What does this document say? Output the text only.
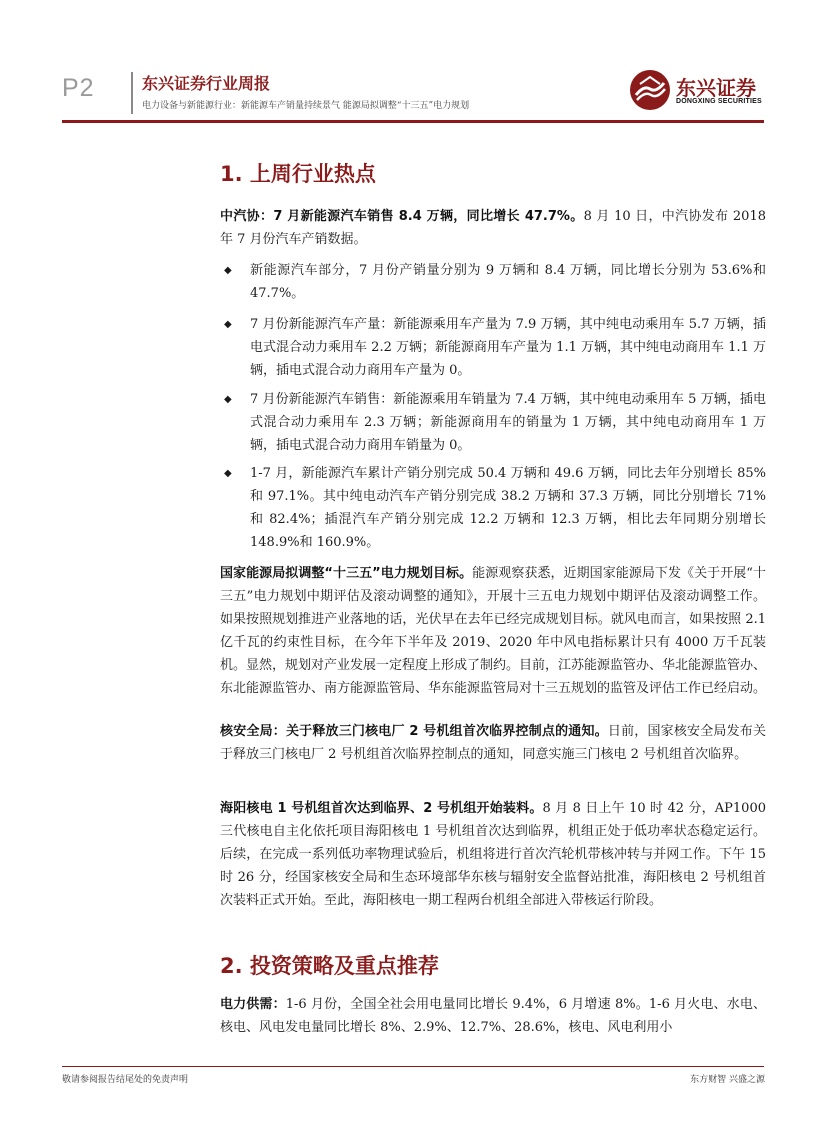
P2	东兴证券行业周报
电力设备与新能源行业：新能源车产销量持续景气 能源局拟调整“十三五”电力规划
东兴证券
DONGXING SECURITIES
1. 上周行业热点

中汽协：7 月新能源汽车销售 8.4 万辆，同比增长 47.7%。8 月 10 日，中汽协发布 2018 年 7 月份汽车产销数据。

◆ 新能源汽车部分，7 月份产销量分别为 9 万辆和 8.4 万辆，同比增长分别为 53.6%和 47.7%。
◆ 7 月份新能源汽车产量：新能源乘用车产量为 7.9 万辆，其中纯电动乘用车 5.7 万辆，插电式混合动力乘用车 2.2 万辆；新能源商用车产量为 1.1 万辆，其中纯电动商用车 1.1 万辆，插电式混合动力商用车产量为 0。
◆ 7 月份新能源汽车销售：新能源乘用车销量为 7.4 万辆，其中纯电动乘用车 5 万辆，插电式混合动力乘用车 2.3 万辆；新能源商用车的销量为 1 万辆，其中纯电动商用车 1 万辆，插电式混合动力商用车销量为 0。
◆ 1-7 月，新能源汽车累计产销分别完成 50.4 万辆和 49.6 万辆，同比去年分别增长 85%和 97.1%。其中纯电动汽车产销分别完成 38.2 万辆和 37.3 万辆，同比分别增长 71%和 82.4%；插混汽车产销分别完成 12.2 万辆和 12.3 万辆，相比去年同期分别增长 148.9%和 160.9%。

国家能源局拟调整“十三五”电力规划目标。能源观察获悉，近期国家能源局下发《关于开展“十三五”电力规划中期评估及滚动调整的通知》，开展十三五电力规划中期评估及滚动调整工作。如果按照规划推进产业落地的话，光伏早在去年已经完成规划目标。就风电而言，如果按照 2.1 亿千瓦的约束性目标，在今年下半年及 2019、2020 年中风电指标累计只有 4000 万千瓦装机。显然，规划对产业发展一定程度上形成了制约。目前，江苏能源监管办、华北能源监管办、东北能源监管办、南方能源监管局、华东能源监管局对十三五规划的监管及评估工作已经启动。

核安全局：关于释放三门核电厂 2 号机组首次临界控制点的通知。日前，国家核安全局发布关于释放三门核电厂 2 号机组首次临界控制点的通知，同意实施三门核电 2 号机组首次临界。

海阳核电 1 号机组首次达到临界、2 号机组开始装料。8 月 8 日上午 10 时 42 分，AP1000 三代核电自主化依托项目海阳核电 1 号机组首次达到临界，机组正处于低功率状态稳定运行。后续，在完成一系列低功率物理试验后，机组将进行首次汽轮机带核冲转与并网工作。下午 15 时 26 分，经国家核安全局和生态环境部华东核与辐射安全监督站批准，海阳核电 2 号机组首次装料正式开始。至此，海阳核电一期工程两台机组全部进入带核运行阶段。

2. 投资策略及重点推荐

电力供需：1-6 月份，全国全社会用电量同比增长 9.4%，6 月增速 8%。1-6 月火电、水电、核电、风电发电量同比增长 8%、2.9%、12.7%、28.6%，核电、风电利用小

敬请参阅报告结尾处的免责声明	东方财智 兴盛之源
